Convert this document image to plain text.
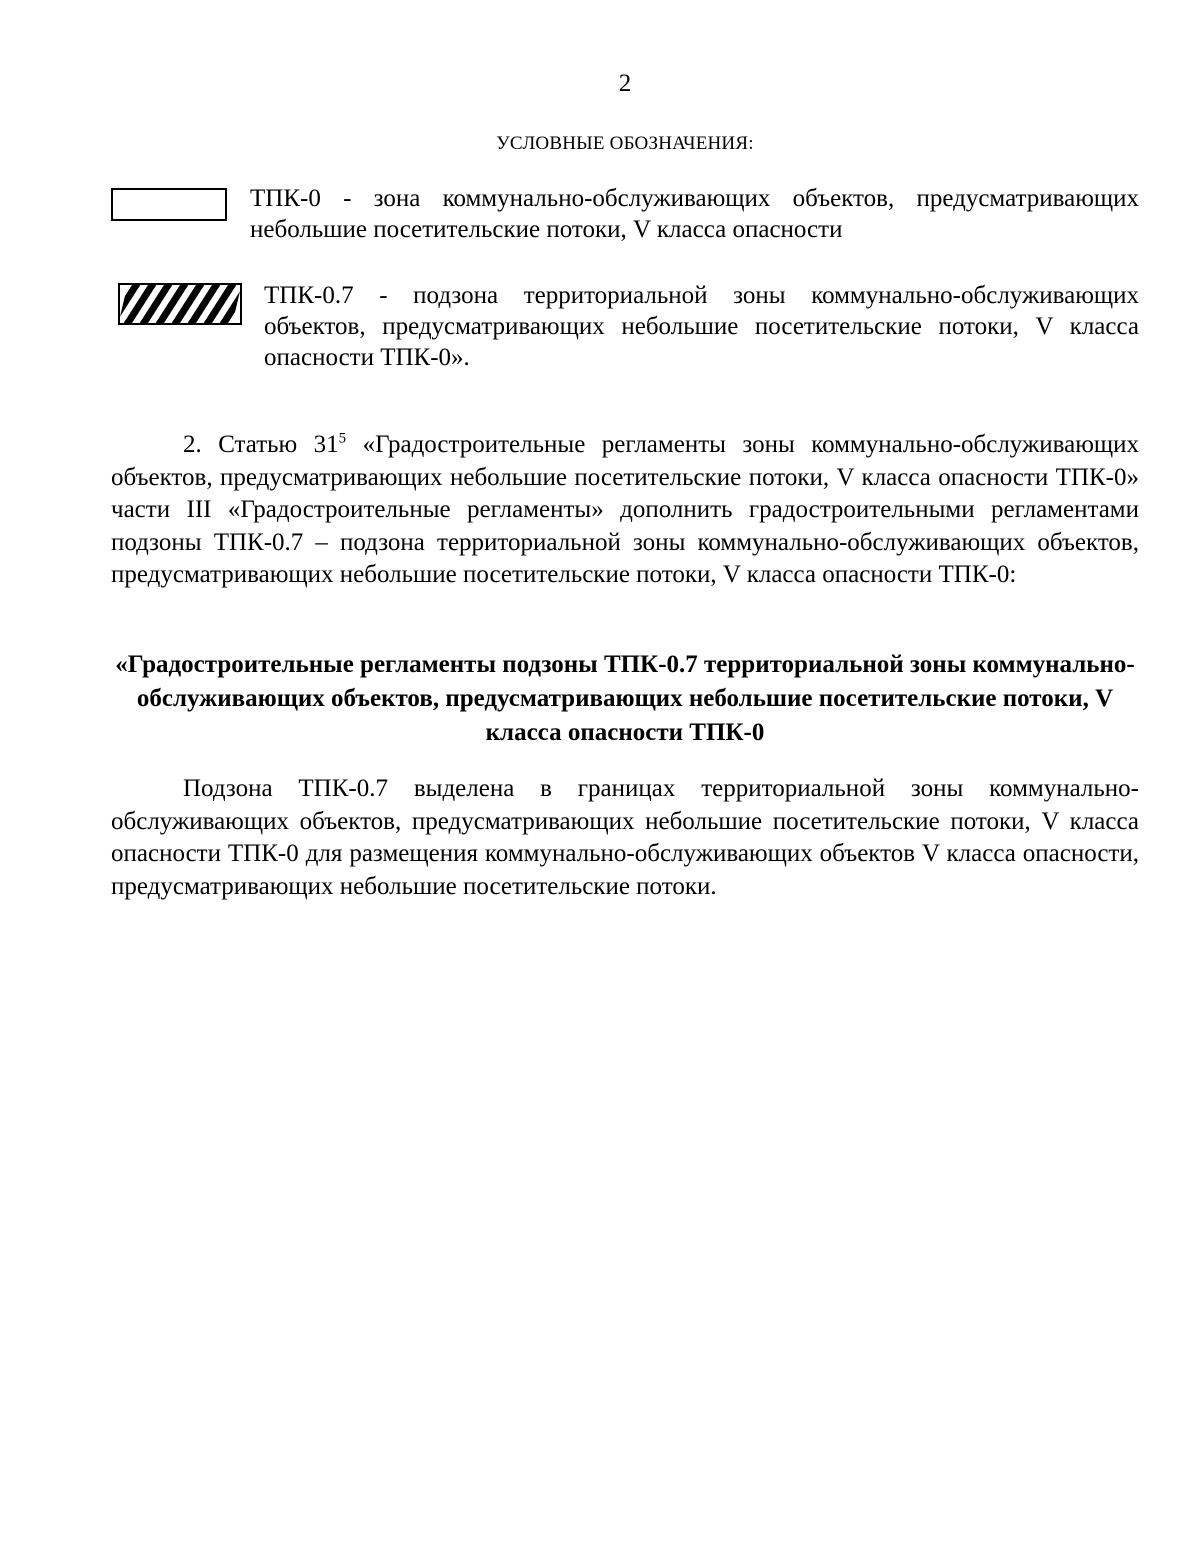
2
УСЛОВНЫЕ ОБОЗНАЧЕНИЯ:
ТПК-0 - зона коммунально-обслуживающих объектов, предусматривающих небольшие посетительские потоки, V класса опасности
ТПК-0.7 - подзона территориальной зоны коммунально-обслуживающих объектов, предусматривающих небольшие посетительские потоки, V класса опасности ТПК-0».
2. Статью $31^5$ «Градостроительные регламенты зоны коммунально-обслуживающих объектов, предусматривающих небольшие посетительские потоки, V класса опасности ТПК-0» части III «Градостроительные регламенты» дополнить градостроительными регламентами подзоны ТПК-0.7 – подзона территориальной зоны коммунально-обслуживающих объектов, предусматривающих небольшие посетительские потоки, V класса опасности ТПК-0:
«Градостроительные регламенты подзоны ТПК-0.7 территориальной зоны коммунально-обслуживающих объектов, предусматривающих небольшие посетительские потоки, V класса опасности ТПК-0
Подзона ТПК-0.7 выделена в границах территориальной зоны коммунально-обслуживающих объектов, предусматривающих небольшие посетительские потоки, V класса опасности ТПК-0 для размещения коммунально-обслуживающих объектов V класса опасности, предусматривающих небольшие посетительские потоки.
